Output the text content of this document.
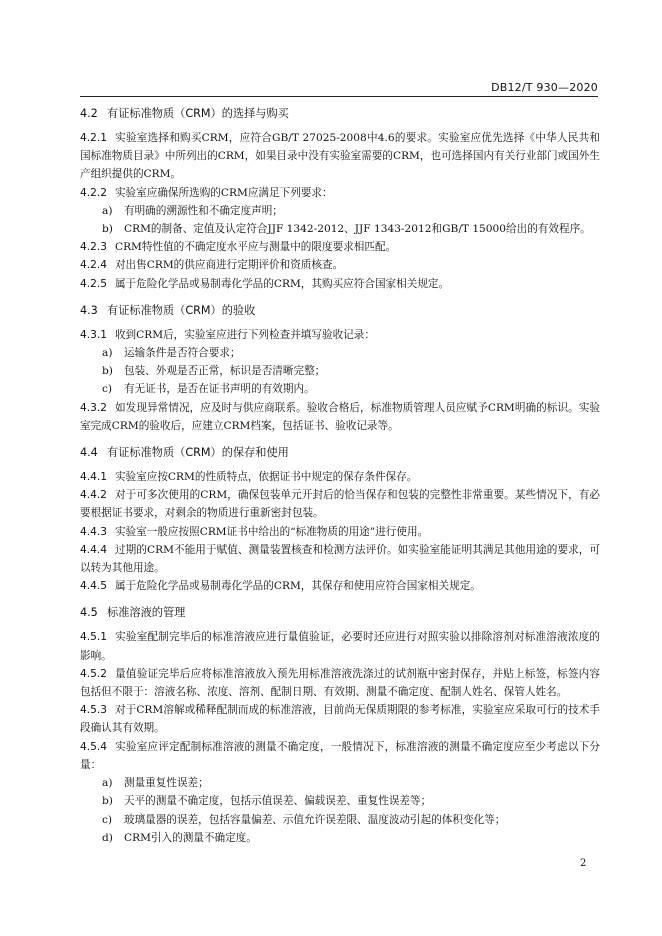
DB12/T 930—2020
4.2 有证标准物质（CRM）的选择与购买
4.2.1 实验室选择和购买CRM，应符合GB/T 27025-2008中4.6的要求。实验室应优先选择《中华人民共和国标准物质目录》中所列出的CRM，如果目录中没有实验室需要的CRM，也可选择国内有关行业部门或国外生产组织提供的CRM。
4.2.2 实验室应确保所选购的CRM应满足下列要求：
a) 有明确的溯源性和不确定度声明；
b) CRM的制备、定值及认定符合JJF 1342-2012、JJF 1343-2012和GB/T 15000给出的有效程序。
4.2.3 CRM特性值的不确定度水平应与测量中的限度要求相匹配。
4.2.4 对出售CRM的供应商进行定期评价和资质核查。
4.2.5 属于危险化学品或易制毒化学品的CRM，其购买应符合国家相关规定。
4.3 有证标准物质（CRM）的验收
4.3.1 收到CRM后，实验室应进行下列检查并填写验收记录：
a) 运输条件是否符合要求；
b) 包装、外观是否正常，标识是否清晰完整；
c) 有无证书，是否在证书声明的有效期内。
4.3.2 如发现异常情况，应及时与供应商联系。验收合格后，标准物质管理人员应赋予CRM明确的标识。实验室完成CRM的验收后，应建立CRM档案，包括证书、验收记录等。
4.4 有证标准物质（CRM）的保存和使用
4.4.1 实验室应按CRM的性质特点，依据证书中规定的保存条件保存。
4.4.2 对于可多次使用的CRM，确保包装单元开封后的恰当保存和包装的完整性非常重要。某些情况下，有必要根据证书要求，对剩余的物质进行重新密封包装。
4.4.3 实验室一般应按照CRM证书中给出的“标准物质的用途”进行使用。
4.4.4 过期的CRM不能用于赋值、测量装置核查和检测方法评价。如实验室能证明其满足其他用途的要求，可以转为其他用途。
4.4.5 属于危险化学品或易制毒化学品的CRM，其保存和使用应符合国家相关规定。
4.5 标准溶液的管理
4.5.1 实验室配制完毕后的标准溶液应进行量值验证，必要时还应进行对照实验以排除溶剂对标准溶液浓度的影响。
4.5.2 量值验证完毕后应将标准溶液放入预先用标准溶液洗涤过的试剂瓶中密封保存，并贴上标签，标签内容包括但不限于：溶液名称、浓度、溶剂、配制日期、有效期、测量不确定度、配制人姓名、保管人姓名。
4.5.3 对于CRM溶解或稀释配制而成的标准溶液，目前尚无保质期限的参考标准，实验室应采取可行的技术手段确认其有效期。
4.5.4 实验室应评定配制标准溶液的测量不确定度，一般情况下，标准溶液的测量不确定度应至少考虑以下分量：
a) 测量重复性误差；
b) 天平的测量不确定度，包括示值误差、偏载误差、重复性误差等；
c) 玻璃量器的误差，包括容量偏差、示值允许误差限、温度波动引起的体积变化等；
d) CRM引入的测量不确定度。
2
